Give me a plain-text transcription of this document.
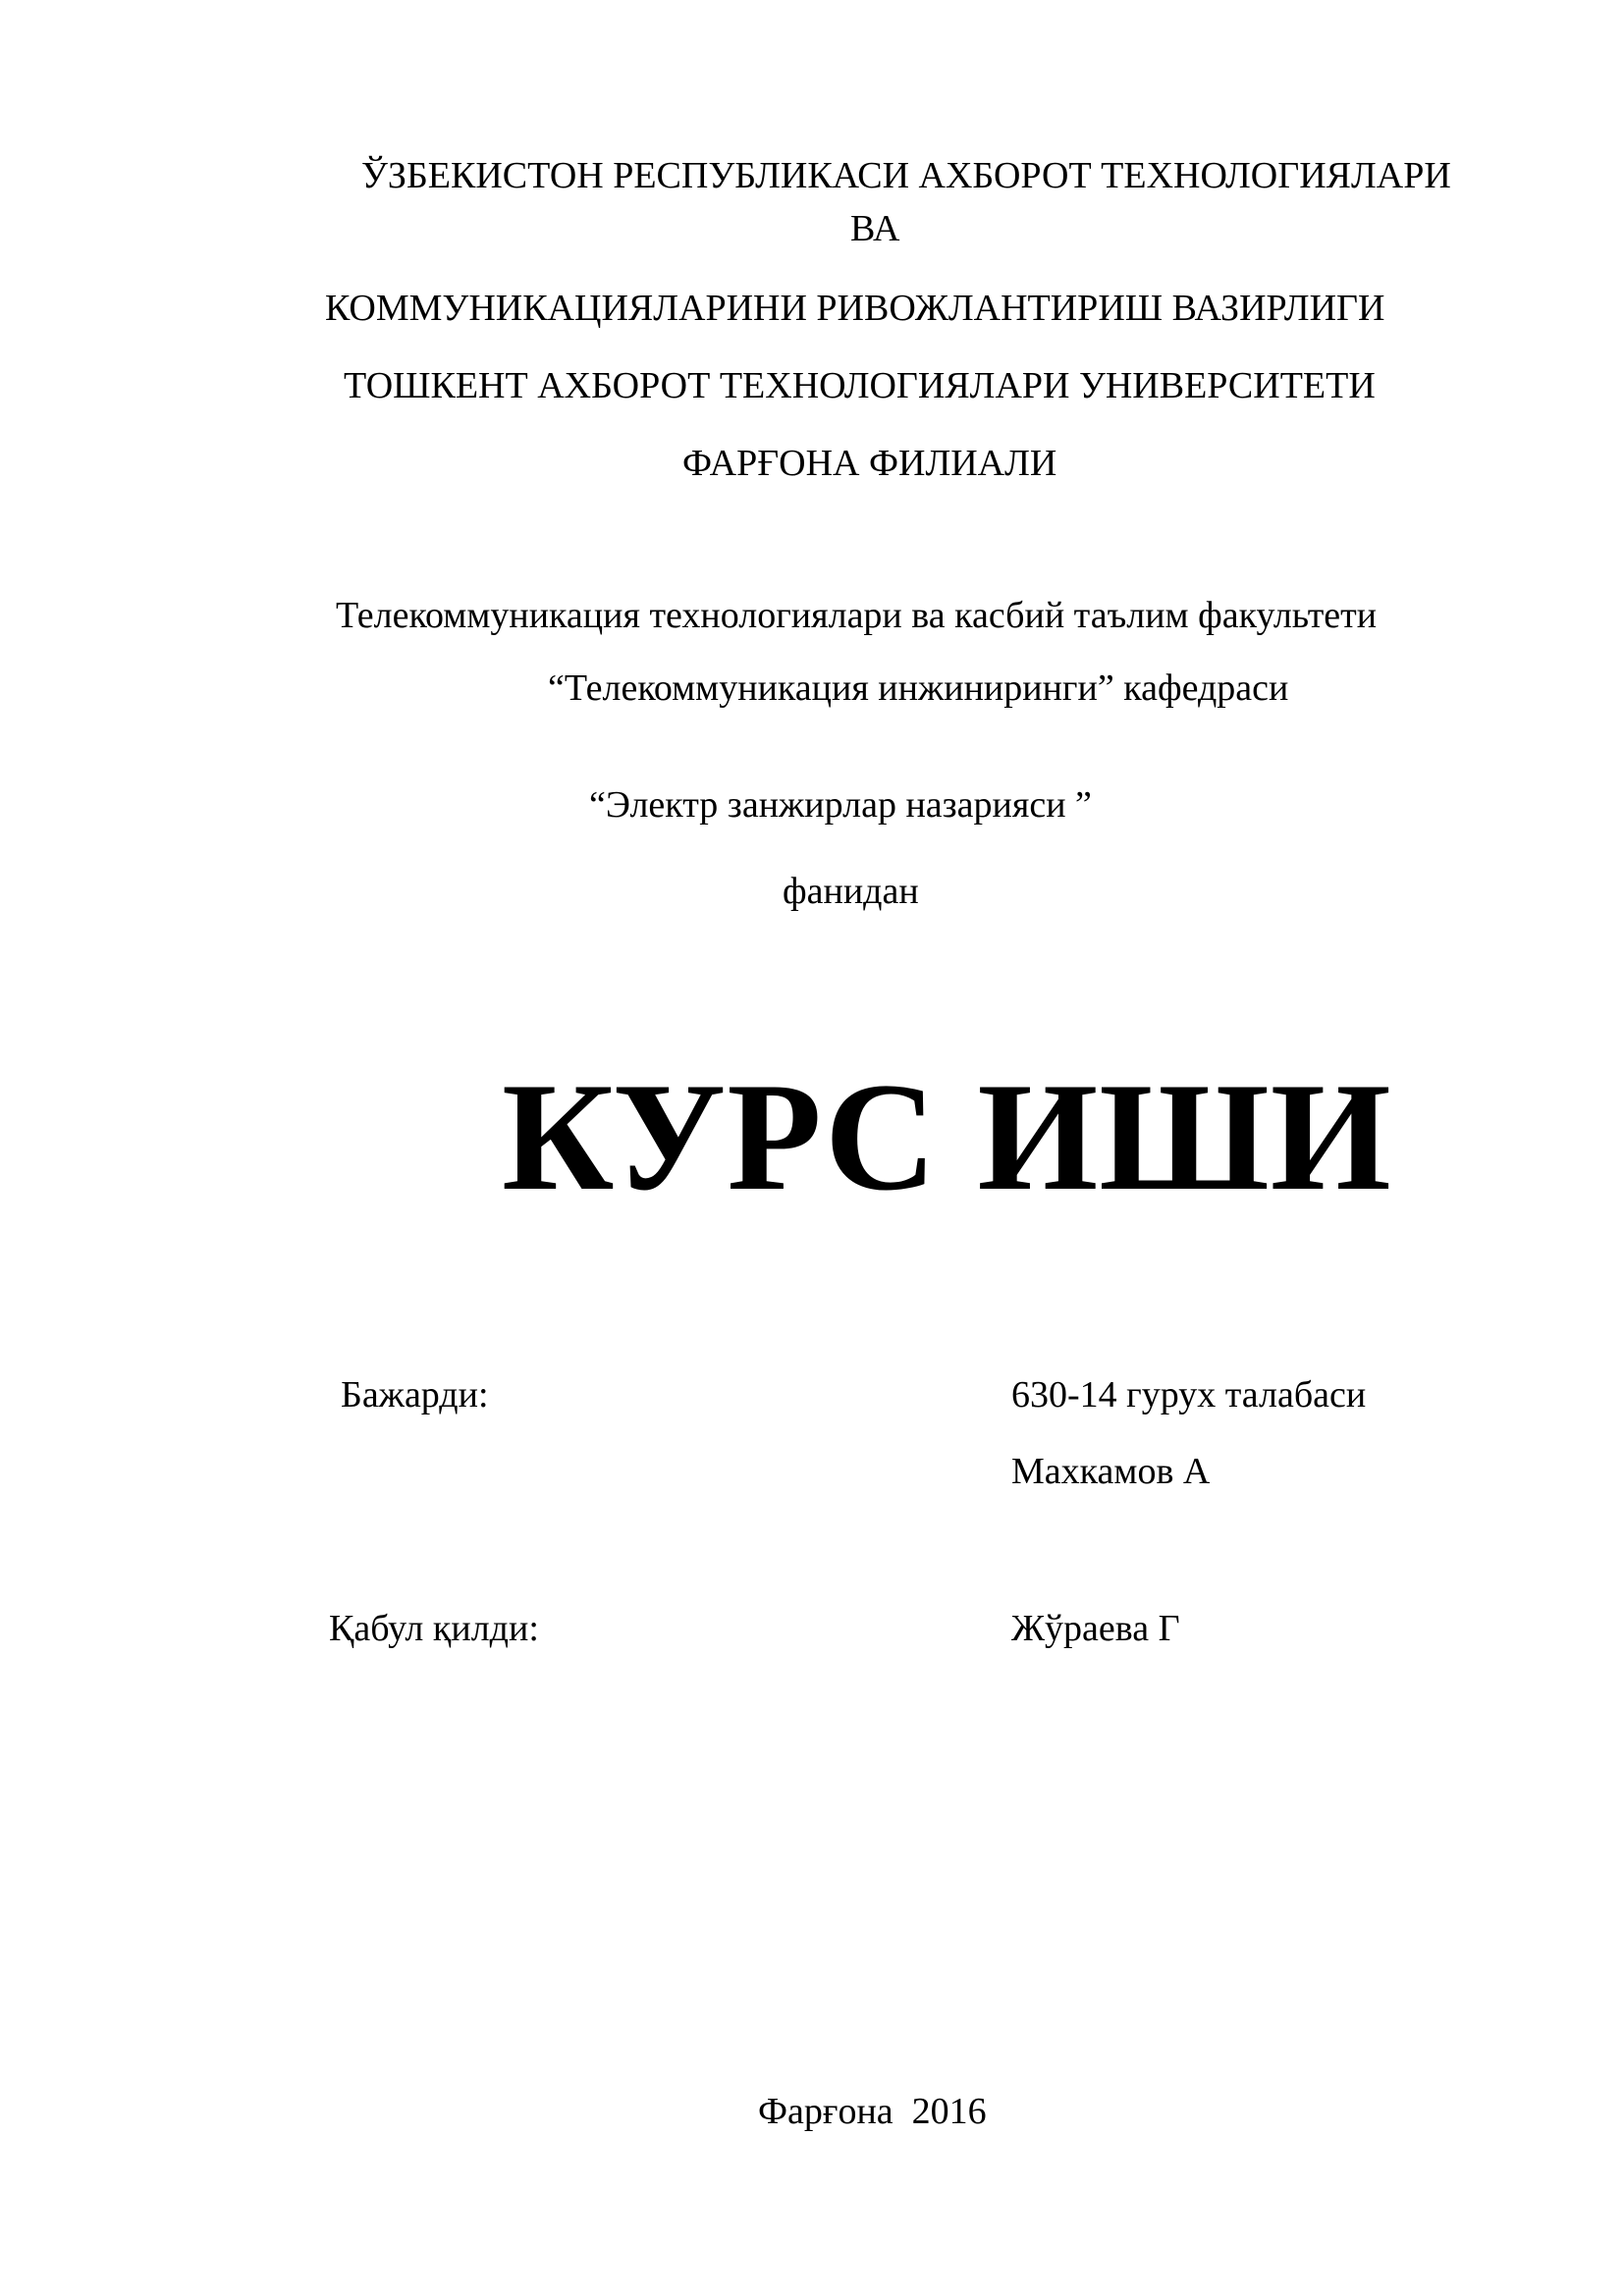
ЎЗБЕКИСТОН РЕСПУБЛИКАСИ АХБОРОТ ТЕХНОЛОГИЯЛАРИ
ВА
КОММУНИКАЦИЯЛАРИНИ РИВОЖЛАНТИРИШ ВАЗИРЛИГИ
ТОШКЕНТ АХБОРОТ ТЕХНОЛОГИЯЛАРИ УНИВЕРСИТЕТИ
ФАРҒОНА ФИЛИАЛИ
Телекоммуникация технологиялари ва касбий таълим факультети
“Телекоммуникация инжиниринги” кафедраси
“Электр занжирлар назарияси ”
фанидан
КУРС ИШИ
Бажарди:	630-14 гурух талабаси
Махкамов А
Қабул қилди:	Жўраева Г
Фарғона  2016
